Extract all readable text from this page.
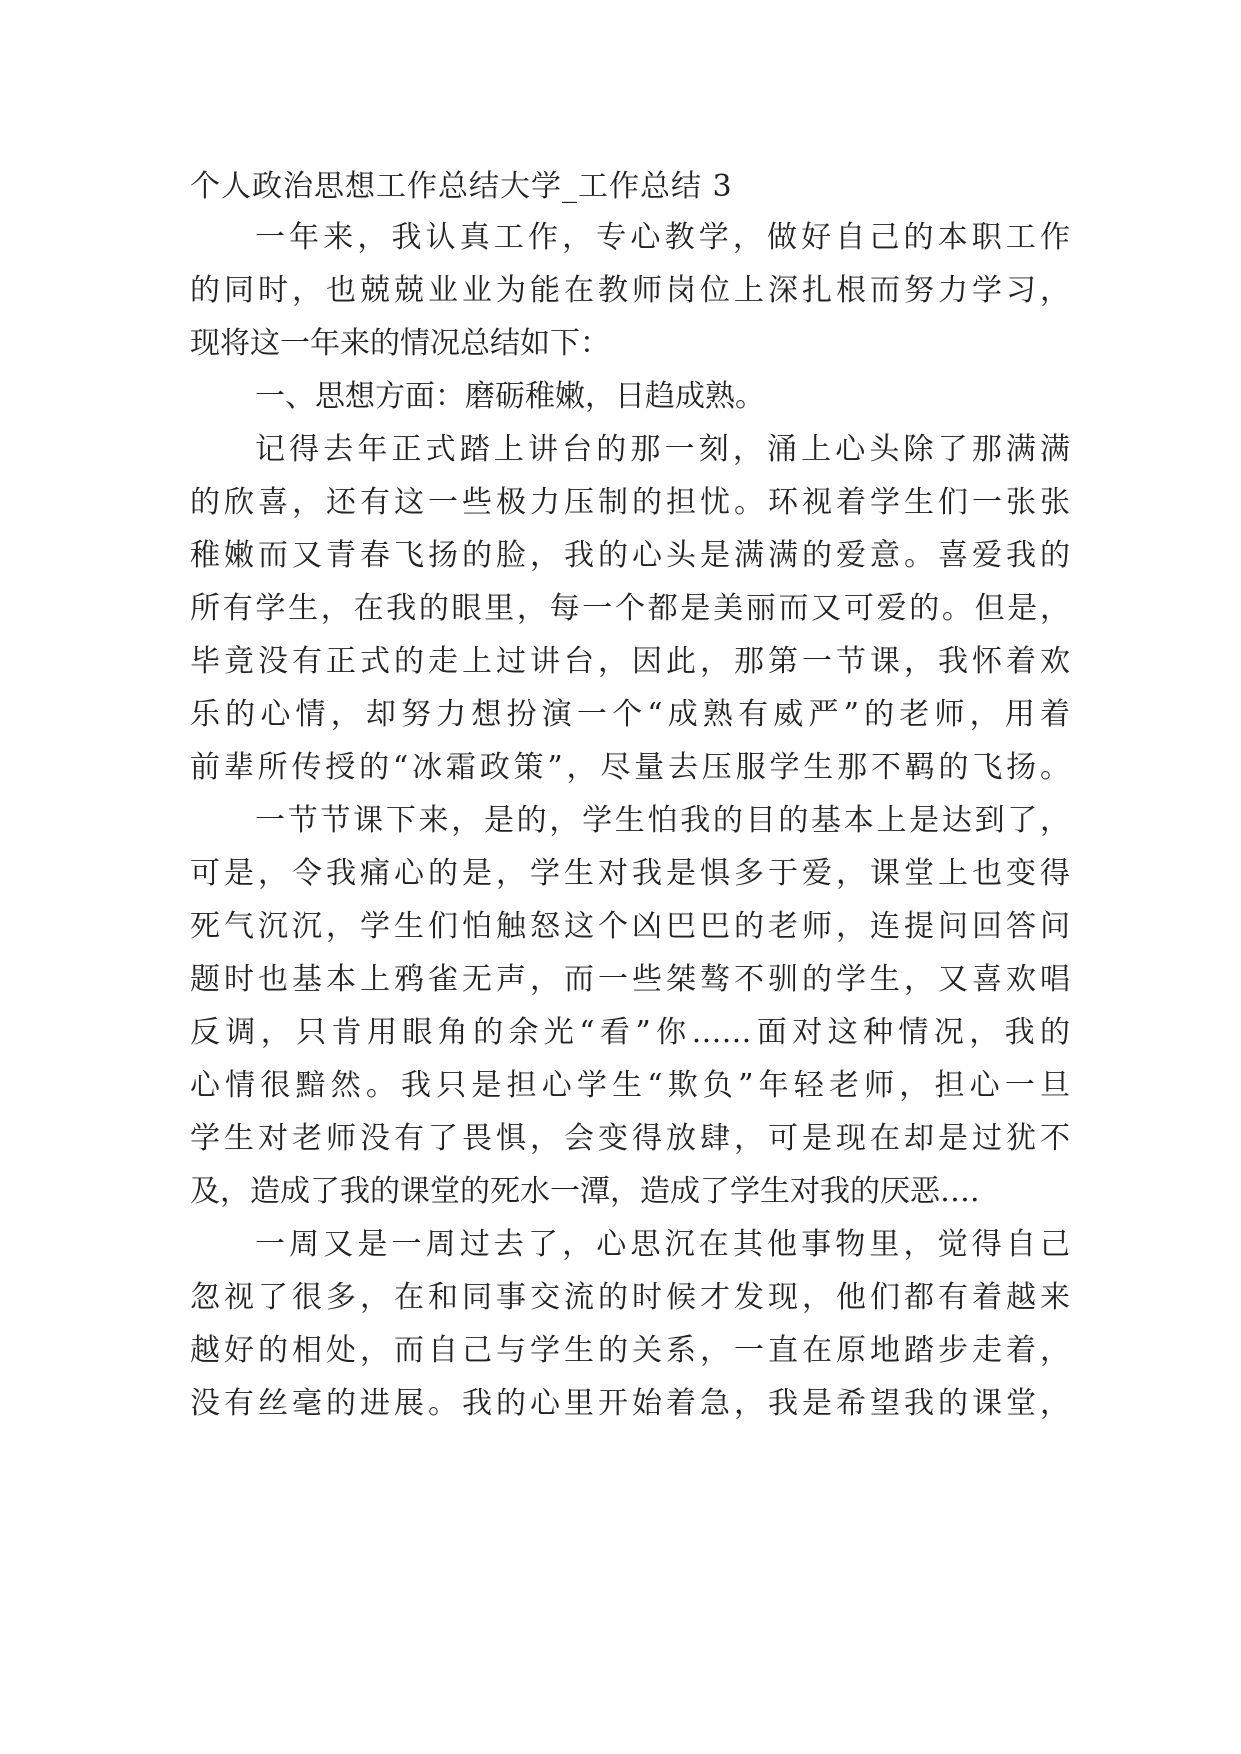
个人政治思想工作总结大学_工作总结 3
一年来，我认真工作，专心教学，做好自己的本职工作
的同时，也兢兢业业为能在教师岗位上深扎根而努力学习，
现将这一年来的情况总结如下：
一、思想方面：磨砺稚嫩，日趋成熟。
记得去年正式踏上讲台的那一刻，涌上心头除了那满满
的欣喜，还有这一些极力压制的担忧。环视着学生们一张张
稚嫩而又青春飞扬的脸，我的心头是满满的爱意。喜爱我的
所有学生，在我的眼里，每一个都是美丽而又可爱的。但是，
毕竟没有正式的走上过讲台，因此，那第一节课，我怀着欢
乐的心情，却努力想扮演一个“成熟有威严”的老师，用着
前辈所传授的“冰霜政策”，尽量去压服学生那不羁的飞扬。
一节节课下来，是的，学生怕我的目的基本上是达到了，
可是，令我痛心的是，学生对我是惧多于爱，课堂上也变得
死气沉沉，学生们怕触怒这个凶巴巴的老师，连提问回答问
题时也基本上鸦雀无声，而一些桀骜不驯的学生，又喜欢唱
反调，只肯用眼角的余光“看”你……面对这种情况，我的
心情很黯然。我只是担心学生“欺负”年轻老师，担心一旦
学生对老师没有了畏惧，会变得放肆，可是现在却是过犹不
及，造成了我的课堂的死水一潭，造成了学生对我的厌恶….
一周又是一周过去了，心思沉在其他事物里，觉得自己
忽视了很多，在和同事交流的时候才发现，他们都有着越来
越好的相处，而自己与学生的关系，一直在原地踏步走着，
没有丝毫的进展。我的心里开始着急，我是希望我的课堂，
